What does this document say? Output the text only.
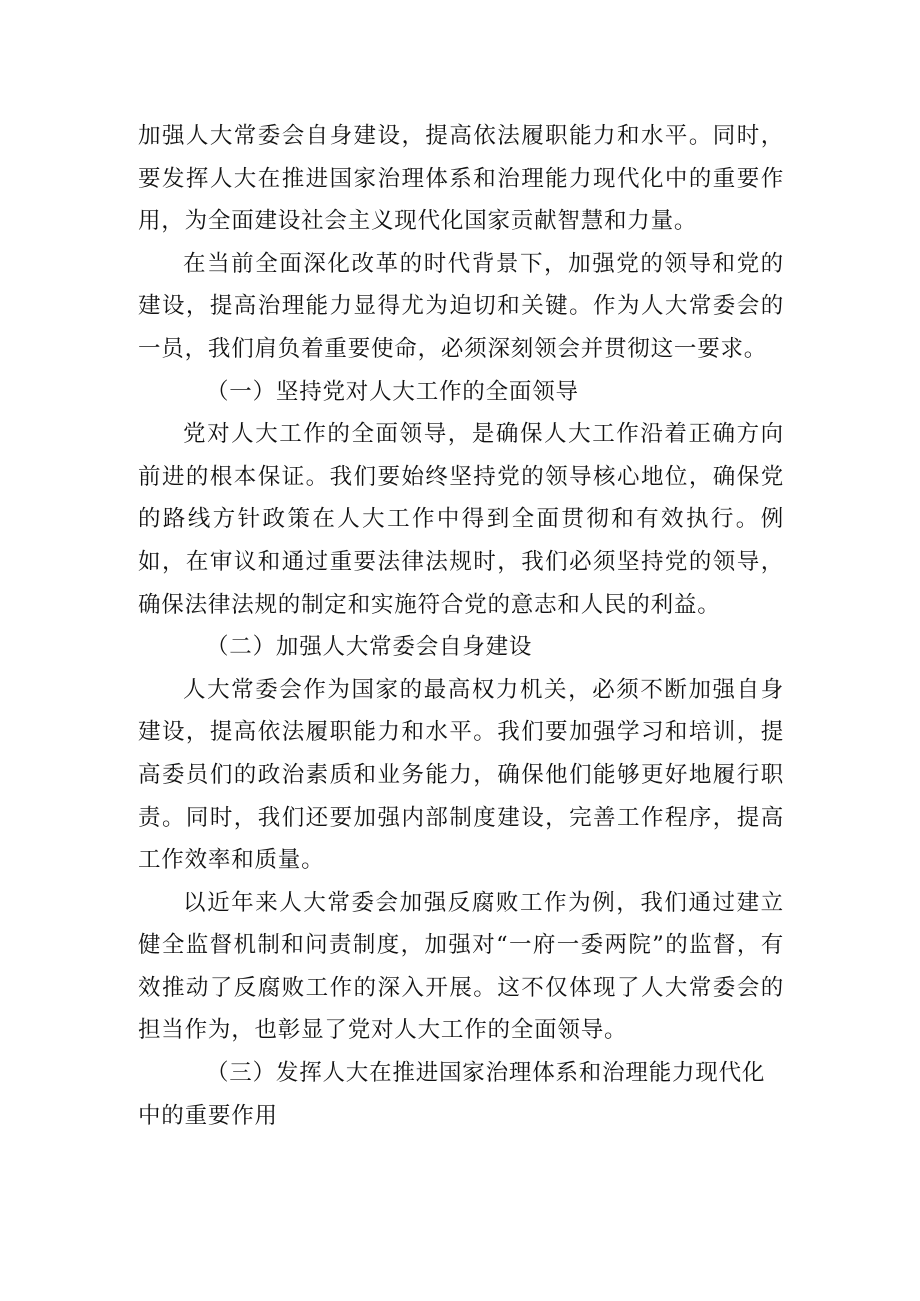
加强人大常委会自身建设，提高依法履职能力和水平。同时，要发挥人大在推进国家治理体系和治理能力现代化中的重要作用，为全面建设社会主义现代化国家贡献智慧和力量。

在当前全面深化改革的时代背景下，加强党的领导和党的建设，提高治理能力显得尤为迫切和关键。作为人大常委会的一员，我们肩负着重要使命，必须深刻领会并贯彻这一要求。

（一）坚持党对人大工作的全面领导

党对人大工作的全面领导，是确保人大工作沿着正确方向前进的根本保证。我们要始终坚持党的领导核心地位，确保党的路线方针政策在人大工作中得到全面贯彻和有效执行。例如，在审议和通过重要法律法规时，我们必须坚持党的领导，确保法律法规的制定和实施符合党的意志和人民的利益。

（二）加强人大常委会自身建设

人大常委会作为国家的最高权力机关，必须不断加强自身建设，提高依法履职能力和水平。我们要加强学习和培训，提高委员们的政治素质和业务能力，确保他们能够更好地履行职责。同时，我们还要加强内部制度建设，完善工作程序，提高工作效率和质量。

以近年来人大常委会加强反腐败工作为例，我们通过建立健全监督机制和问责制度，加强对“一府一委两院”的监督，有效推动了反腐败工作的深入开展。这不仅体现了人大常委会的担当作为，也彰显了党对人大工作的全面领导。

（三）发挥人大在推进国家治理体系和治理能力现代化中的重要作用
